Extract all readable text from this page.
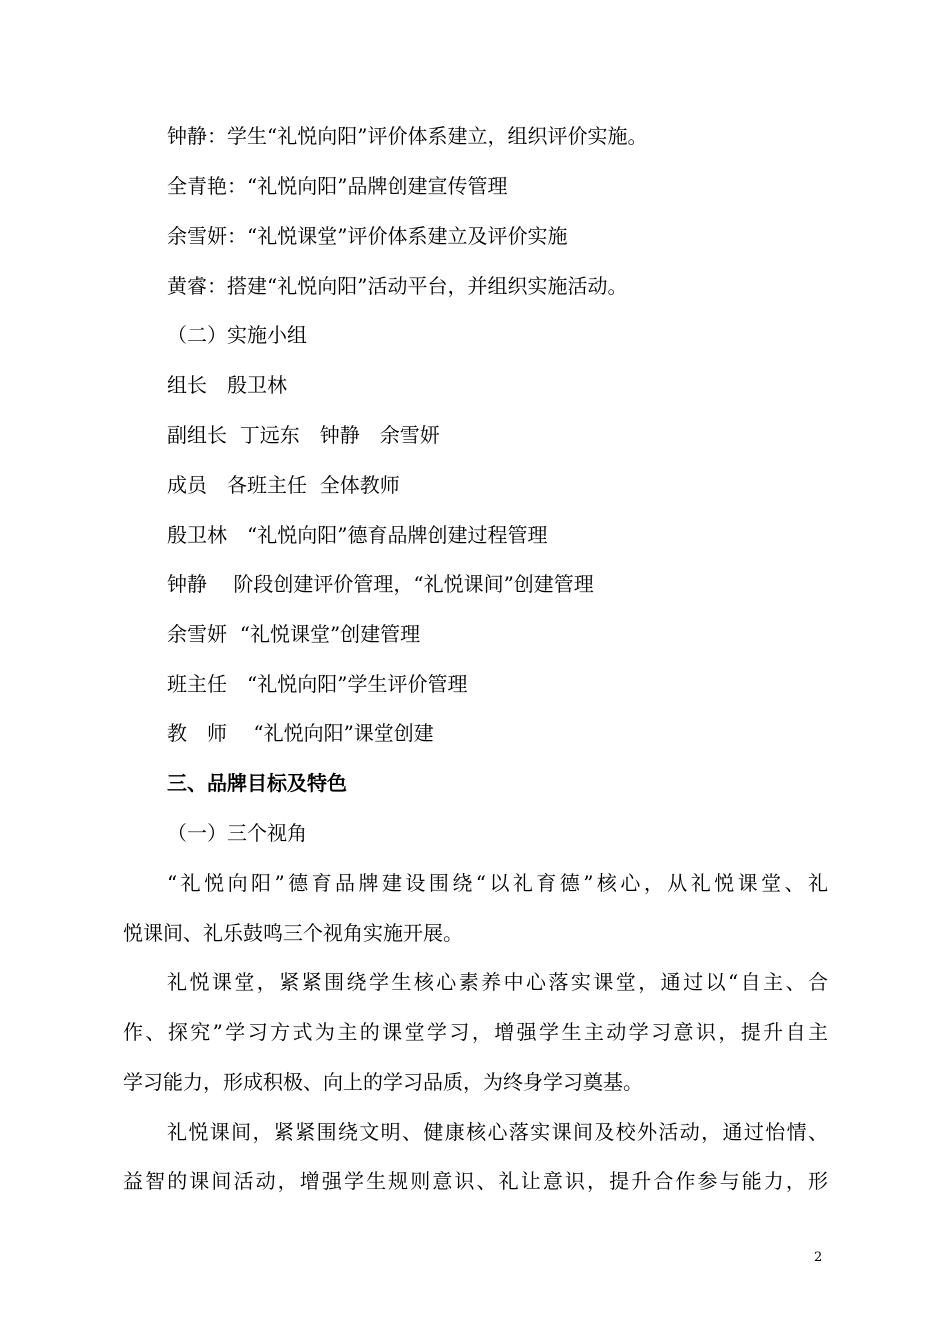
钟静：学生“礼悦向阳”评价体系建立，组织评价实施。
全青艳：“礼悦向阳”品牌创建宣传管理
余雪妍：“礼悦课堂”评价体系建立及评价实施
黄睿：搭建“礼悦向阳”活动平台，并组织实施活动。
（二）实施小组
组长　殷卫林
副组长  丁远东　钟静　余雪妍
成员　各班主任  全体教师
殷卫林　“礼悦向阳”德育品牌创建过程管理
钟静　 阶段创建评价管理，“礼悦课间”创建管理
余雪妍  “礼悦课堂”创建管理
班主任　“礼悦向阳”学生评价管理
教　师　 “礼悦向阳”课堂创建
三、品牌目标及特色
（一）三个视角
“礼悦向阳”德育品牌建设围绕“以礼育德”核心，从礼悦课堂、礼
悦课间、礼乐鼓鸣三个视角实施开展。
礼悦课堂，紧紧围绕学生核心素养中心落实课堂，通过以“自主、合
作、探究”学习方式为主的课堂学习，增强学生主动学习意识，提升自主
学习能力，形成积极、向上的学习品质，为终身学习奠基。
礼悦课间，紧紧围绕文明、健康核心落实课间及校外活动，通过怡情、
益智的课间活动，增强学生规则意识、礼让意识，提升合作参与能力，形
2
